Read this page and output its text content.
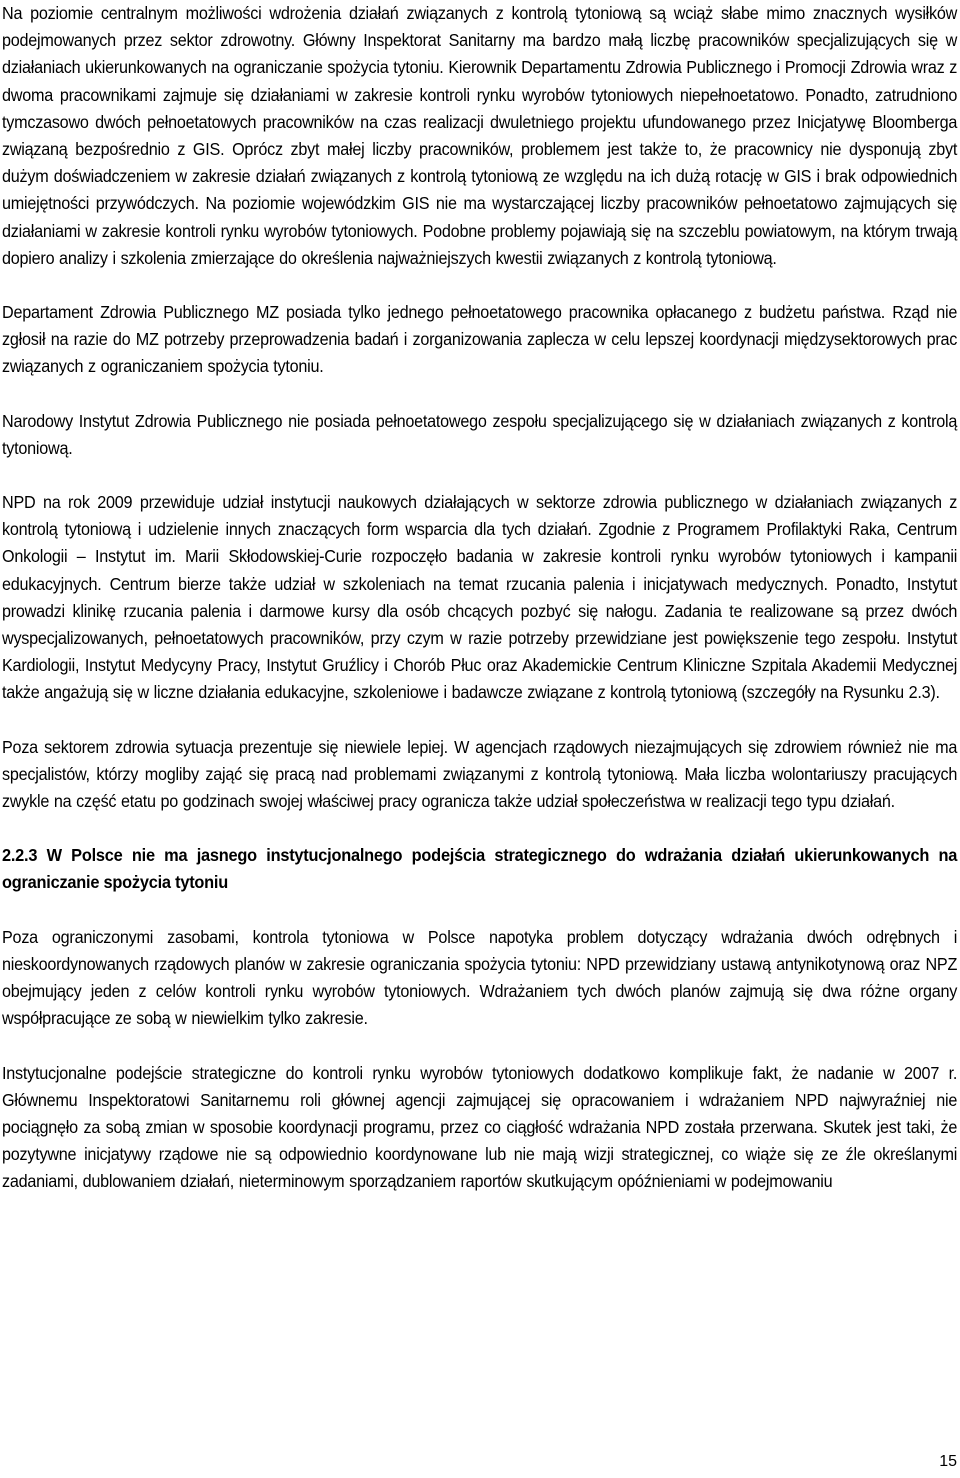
Na poziomie centralnym możliwości wdrożenia działań związanych z kontrolą tytoniową są wciąż słabe mimo znacznych wysiłków podejmowanych przez sektor zdrowotny. Główny Inspektorat Sanitarny ma bardzo małą liczbę pracowników specjalizujących się w działaniach ukierunkowanych na ograniczanie spożycia tytoniu. Kierownik Departamentu Zdrowia Publicznego i Promocji Zdrowia wraz z dwoma pracownikami zajmuje się działaniami w zakresie kontroli rynku wyrobów tytoniowych niepełnoetatowo. Ponadto, zatrudniono tymczasowo dwóch pełnoetatowych pracowników na czas realizacji dwuletniego projektu ufundowanego przez Inicjatywę Bloomberga związaną bezpośrednio z GIS. Oprócz zbyt małej liczby pracowników, problemem jest także to, że pracownicy nie dysponują zbyt dużym doświadczeniem w zakresie działań związanych z kontrolą tytoniową ze względu na ich dużą rotację w GIS i brak odpowiednich umiejętności przywódczych. Na poziomie wojewódzkim GIS nie ma wystarczającej liczby pracowników pełnoetatowo zajmujących się działaniami w zakresie kontroli rynku wyrobów tytoniowych. Podobne problemy pojawiają się na szczeblu powiatowym, na którym trwają dopiero analizy i szkolenia zmierzające do określenia najważniejszych kwestii związanych z kontrolą tytoniową.

Departament Zdrowia Publicznego MZ posiada tylko jednego pełnoetatowego pracownika opłacanego z budżetu państwa. Rząd nie zgłosił na razie do MZ potrzeby przeprowadzenia badań i zorganizowania zaplecza w celu lepszej koordynacji międzysektorowych prac związanych z ograniczaniem spożycia tytoniu.

Narodowy Instytut Zdrowia Publicznego nie posiada pełnoetatowego zespołu specjalizującego się w działaniach związanych z kontrolą tytoniową.

NPD na rok 2009 przewiduje udział instytucji naukowych działających w sektorze zdrowia publicznego w działaniach związanych z kontrolą tytoniową i udzielenie innych znaczących form wsparcia dla tych działań. Zgodnie z Programem Profilaktyki Raka, Centrum Onkologii – Instytut im. Marii Skłodowskiej-Curie rozpoczęło badania w zakresie kontroli rynku wyrobów tytoniowych i kampanii edukacyjnych. Centrum bierze także udział w szkoleniach na temat rzucania palenia i inicjatywach medycznych. Ponadto, Instytut prowadzi klinikę rzucania palenia i darmowe kursy dla osób chcących pozbyć się nałogu. Zadania te realizowane są przez dwóch wyspecjalizowanych, pełnoetatowych pracowników, przy czym w razie potrzeby przewidziane jest powiększenie tego zespołu. Instytut Kardiologii, Instytut Medycyny Pracy, Instytut Gruźlicy i Chorób Płuc oraz Akademickie Centrum Kliniczne Szpitala Akademii Medycznej także angażują się w liczne działania edukacyjne, szkoleniowe i badawcze związane z kontrolą tytoniową (szczegóły na Rysunku 2.3).

Poza sektorem zdrowia sytuacja prezentuje się niewiele lepiej. W agencjach rządowych niezajmujących się zdrowiem również nie ma specjalistów, którzy mogliby zająć się pracą nad problemami związanymi z kontrolą tytoniową. Mała liczba wolontariuszy pracujących zwykle na część etatu po godzinach swojej właściwej pracy ogranicza także udział społeczeństwa w realizacji tego typu działań.

2.2.3 W Polsce nie ma jasnego instytucjonalnego podejścia strategicznego do wdrażania działań ukierunkowanych na ograniczanie spożycia tytoniu

Poza ograniczonymi zasobami, kontrola tytoniowa w Polsce napotyka problem dotyczący wdrażania dwóch odrębnych i nieskoordynowanych rządowych planów w zakresie ograniczania spożycia tytoniu: NPD przewidziany ustawą antynikotynową oraz NPZ obejmujący jeden z celów kontroli rynku wyrobów tytoniowych. Wdrażaniem tych dwóch planów zajmują się dwa różne organy współpracujące ze sobą w niewielkim tylko zakresie.

Instytucjonalne podejście strategiczne do kontroli rynku wyrobów tytoniowych dodatkowo komplikuje fakt, że nadanie w 2007 r. Głównemu Inspektoratowi Sanitarnemu roli głównej agencji zajmującej się opracowaniem i wdrażaniem NPD najwyraźniej nie pociągnęło za sobą zmian w sposobie koordynacji programu, przez co ciągłość wdrażania NPD została przerwana. Skutek jest taki, że pozytywne inicjatywy rządowe nie są odpowiednio koordynowane lub nie mają wizji strategicznej, co wiąże się ze źle określanymi zadaniami, dublowaniem działań, nieterminowym sporządzaniem raportów skutkującym opóźnieniami w podejmowaniu

15
